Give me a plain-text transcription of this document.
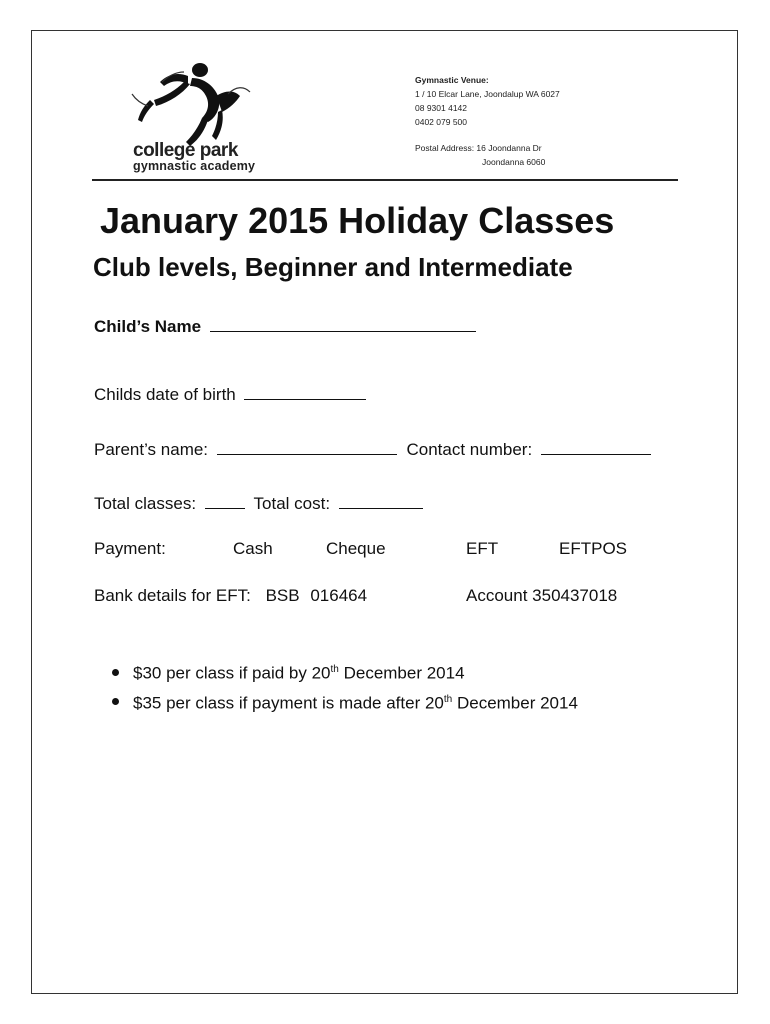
college park
gymnastic academy
Gymnastic Venue:
1 / 10 Elcar Lane, Joondalup WA 6027
08 9301 4142
0402 079 500
Postal Address: 16 Joondanna Dr
Joondanna 6060
January 2015 Holiday Classes
Club levels, Beginner and Intermediate
Child’s Name
Childs date of birth
Parent’s name:	Contact number:
Total classes:	Total cost:
Payment:	Cash	Cheque	EFT	EFTPOS
Bank details for EFT: BSB 016464	Account 350437018
$30 per class if paid by 20th December 2014
$35 per class if payment is made after 20th December 2014
